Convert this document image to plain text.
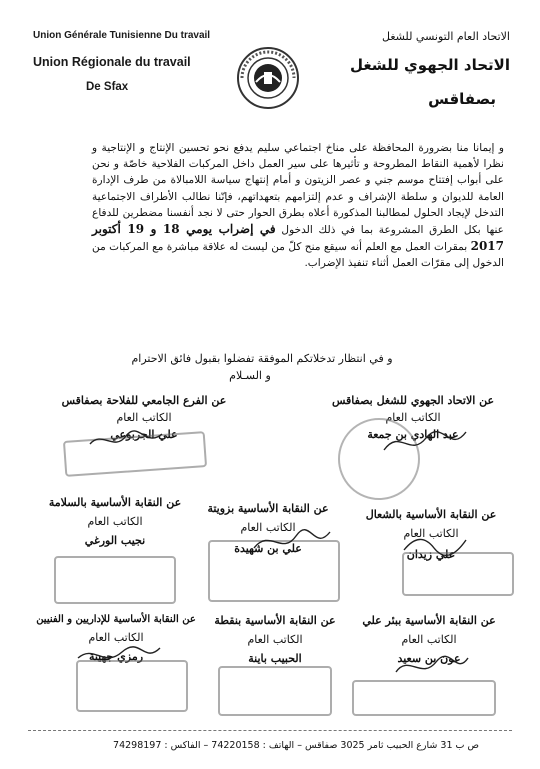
Union Générale Tunisienne Du travail
Union Régionale du travail
De Sfax
الاتحاد العام التونسي للشغل
الاتحاد الجهوي للشغل
بصفاقس
و إيمانا منا بضرورة المحافظة على مناخ اجتماعي سليم يدفع نحو تحسين الإنتاج و الإنتاجية و نظرا لأهمية النقاط المطروحة و تأثيرها على سير العمل داخل المركبات الفلاحية خاصّة و نحن على أبواب إفتتاح موسم جني و عصر الزيتون و أمام إنتهاج سياسة اللامبالاة من طرف الإدارة العامة للديوان و سلطة الإشراف و عدم إلتزامهم بتعهداتهم، فإنّنا نطالب الأطراف الاجتماعية التدخل لإيجاد الحلول لمطالبنا المذكورة أعلاه بطرق الحوار حتى لا نجد أنفسنا مضطرين للدفاع عنها بكل الطرق المشروعة بما في ذلك الدخول في إضراب يومي 18 و 19 أكتوبر 2017 بمقرات العمل مع العلم أنه سيقع منح كلّ من ليست له علاقة مباشرة مع المركبات من الدخول إلى مقرّات العمل أثناء تنفيذ الإضراب.
و في انتظار تدخلاتكم الموفقة تفضلوا بقبول فائق الاحترام
و السـلام
عن الاتحاد الجهوي للشغل بصفاقس
الكاتب العام
عبد الهادي بن جمعة
عن الفرع الجامعي للفلاحة بصفاقس
الكاتب العام
علي الجربوعي
عن النقابة الأساسية بالشعال
الكاتب العام
علي زيدان
عن النقابة الأساسية بزويتة
الكاتب العام
علي بن شهيدة
عن النقابة الأساسية بالسلامة
الكاتب العام
نجيب الورغي
عن النقابة الأساسية ببئر علي
الكاتب العام
عون بن سعيد
عن النقابة الأساسية بنقطة
الكاتب العام
الحبيب باينة
عن النقابة الأساسية للإداريين و الفنيين
الكاتب العام
رمزي جهينة
ص ب 31 شارع الحبيب ثامر 3025 صفاقس – الهاتف : 74220158 – الفاكس : 74298197
